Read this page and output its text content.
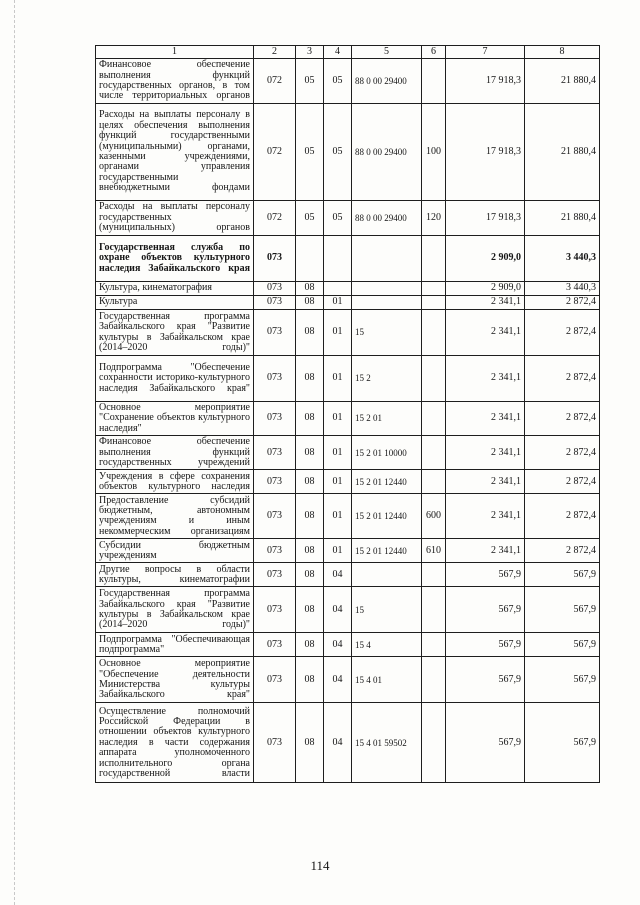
1	2	3	4	5	6	7	8
Финансовое обеспечение выполнения функций государственных органов, в том числе территориальных органов	072	05	05	88 0 00 29400		17 918,3	21 880,4
Расходы на выплаты персоналу в целях обеспечения выполнения функций государственными (муниципальными) органами, казенными учреждениями, органами управления государственными внебюджетными фондами	072	05	05	88 0 00 29400	100	17 918,3	21 880,4
Расходы на выплаты персоналу государственных (муниципальных) органов	072	05	05	88 0 00 29400	120	17 918,3	21 880,4
Государственная служба по охране объектов культурного наследия Забайкальского края	073					2 909,0	3 440,3
Культура, кинематография	073	08				2 909,0	3 440,3
Культура	073	08	01			2 341,1	2 872,4
Государственная программа Забайкальского края "Развитие культуры в Забайкальском крае (2014–2020 годы)"	073	08	01	15		2 341,1	2 872,4
Подпрограмма "Обеспечение сохранности историко-культурного наследия Забайкальского края"	073	08	01	15 2		2 341,1	2 872,4
Основное мероприятие "Сохранение объектов культурного наследия"	073	08	01	15 2 01		2 341,1	2 872,4
Финансовое обеспечение выполнения функций государственных учреждений	073	08	01	15 2 01 10000		2 341,1	2 872,4
Учреждения в сфере сохранения объектов культурного наследия	073	08	01	15 2 01 12440		2 341,1	2 872,4
Предоставление субсидий бюджетным, автономным учреждениям и иным некоммерческим организациям	073	08	01	15 2 01 12440	600	2 341,1	2 872,4
Субсидии бюджетным учреждениям	073	08	01	15 2 01 12440	610	2 341,1	2 872,4
Другие вопросы в области культуры, кинематографии	073	08	04			567,9	567,9
Государственная программа Забайкальского края "Развитие культуры в Забайкальском крае (2014–2020 годы)"	073	08	04	15		567,9	567,9
Подпрограмма "Обеспечивающая подпрограмма"	073	08	04	15 4		567,9	567,9
Основное мероприятие "Обеспечение деятельности Министерства культуры Забайкальского края"	073	08	04	15 4 01		567,9	567,9
Осуществление полномочий Российской Федерации в отношении объектов культурного наследия в части содержания аппарата уполномоченного исполнительного органа государственной власти	073	08	04	15 4 01 59502		567,9	567,9
114
